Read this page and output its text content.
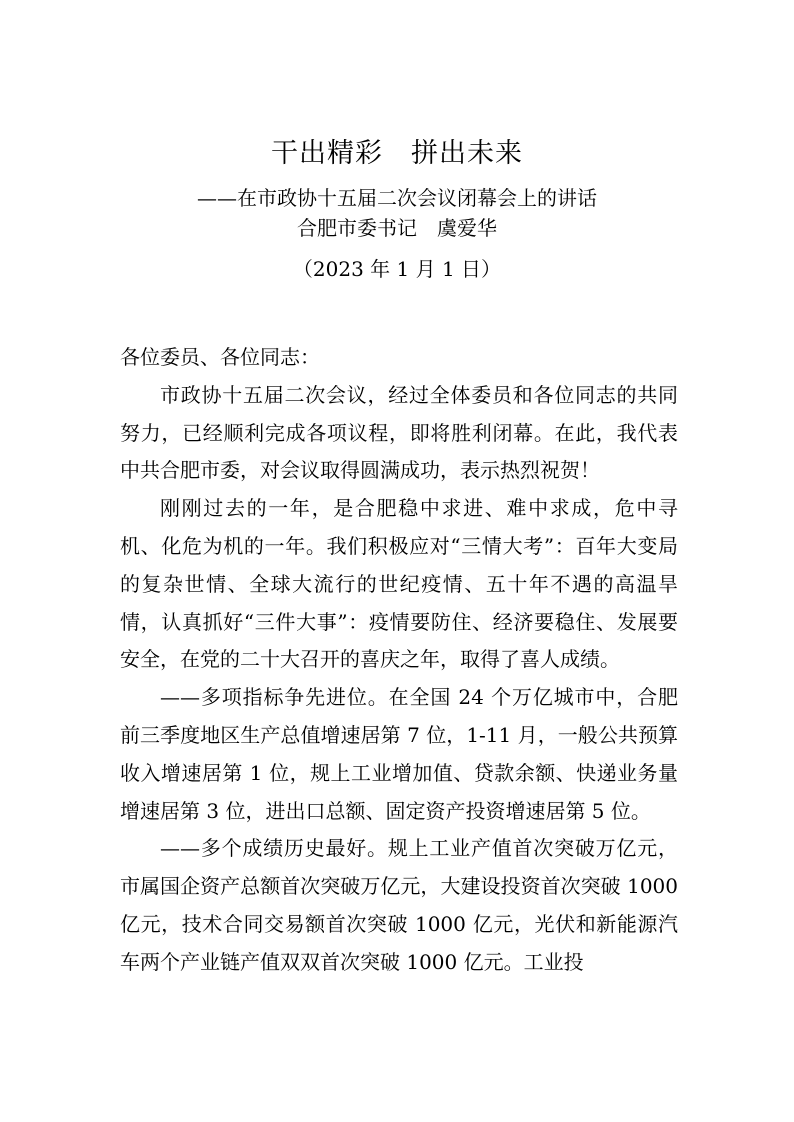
干出精彩　拼出未来
——在市政协十五届二次会议闭幕会上的讲话
合肥市委书记　虞爱华
（2023 年 1 月 1 日）

各位委员、各位同志：

市政协十五届二次会议，经过全体委员和各位同志的共同努力，已经顺利完成各项议程，即将胜利闭幕。在此，我代表中共合肥市委，对会议取得圆满成功，表示热烈祝贺！

刚刚过去的一年，是合肥稳中求进、难中求成，危中寻机、化危为机的一年。我们积极应对“三情大考”：百年大变局的复杂世情、全球大流行的世纪疫情、五十年不遇的高温旱情，认真抓好“三件大事”：疫情要防住、经济要稳住、发展要安全，在党的二十大召开的喜庆之年，取得了喜人成绩。

——多项指标争先进位。在全国 24 个万亿城市中，合肥前三季度地区生产总值增速居第 7 位，1-11 月，一般公共预算收入增速居第 1 位，规上工业增加值、贷款余额、快递业务量增速居第 3 位，进出口总额、固定资产投资增速居第 5 位。

——多个成绩历史最好。规上工业产值首次突破万亿元，市属国企资产总额首次突破万亿元，大建设投资首次突破 1000 亿元，技术合同交易额首次突破 1000 亿元，光伏和新能源汽车两个产业链产值双双首次突破 1000 亿元。工业投
